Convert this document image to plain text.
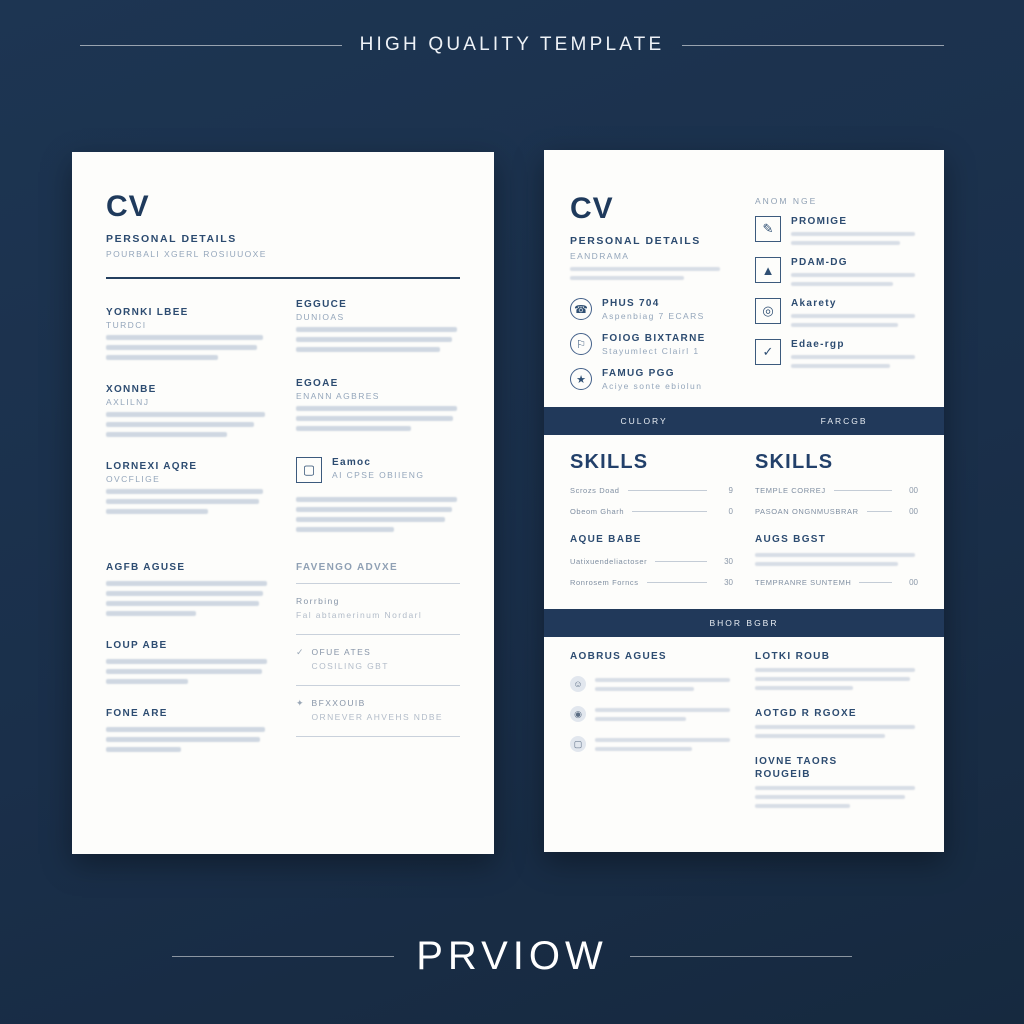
HIGH QUALITY TEMPLATE
CV
PERSONAL DETAILS
POURBALI XGERL ROSIUUOXE
YORNKI LBEE
TURDCI
XONNBE
AXLILNJ
LORNEXI AQRE
OVCFLIGE
EGGUCE
DUNIOAS
EGOAE
ENANN AGBRES
▢	Eamoc
AI CPSE OBIIENG
AGFB AGUSE
LOUP ABE
FONE ARE
FAVENGO ADVXE
Rorrbing
Fal abtamerinum Nordarl
✓ OFUE ATES
COSILING GBT
✦ BFXXOUIB
ORNEVER AHVEHS NDBE
CV
PERSONAL DETAILS
EANDRAMA
☎	PHUS 704
Aspenbiag 7 ECARS
⚐	FOIOG BIXTARNE
Stayumlect Clairl 1
★	FAMUG PGG
Aciye sonte ebiolun
ANOM NGE
✎	PROMIGE
▲	PDAM-DG
◎	Akarety
✓	Edae-rgp
CULORY	FARCGB
SKILLS
Scrozs Doad	9
Obeom Gharh	0
AQUE BABE
Uatixuendeliactoser	30
Ronrosem Forncs	30
SKILLS
TEMPLE CORREJ	00
PASOAN ONGNMUSBRAR	00
AUGS BGST
TEMPRANRE SUNTEMH	00
BHOR BGBR
AOBRUS AGUES
☺
◉
▢
LOTKI ROUB
AOTGD R RGOXE
IOVNE TAORS
ROUGEIB
PRVIOW
